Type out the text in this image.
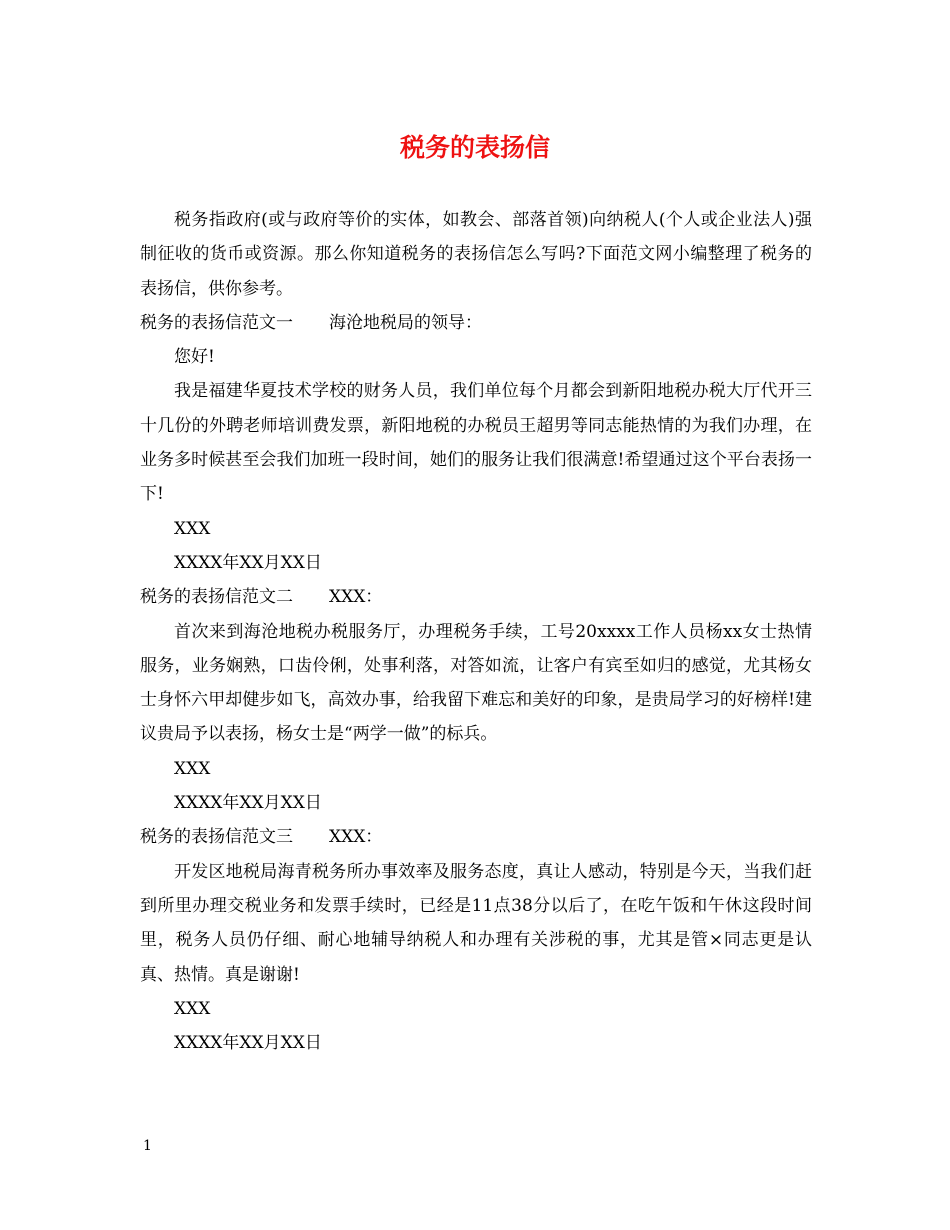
税务的表扬信

税务指政府(或与政府等价的实体，如教会、部落首领)向纳税人(个人或企业法人)强制征收的货币或资源。那么你知道税务的表扬信怎么写吗?下面范文网小编整理了税务的表扬信，供你参考。

税务的表扬信范文一 海沧地税局的领导：

您好!

我是福建华夏技术学校的财务人员，我们单位每个月都会到新阳地税办税大厅代开三十几份的外聘老师培训费发票，新阳地税的办税员王超男等同志能热情的为我们办理，在业务多时候甚至会我们加班一段时间，她们的服务让我们很满意!希望通过这个平台表扬一下!

XXX

XXXX年XX月XX日

税务的表扬信范文二 XXX：

首次来到海沧地税办税服务厅，办理税务手续，工号20xxxx工作人员杨xx女士热情服务，业务娴熟，口齿伶俐，处事利落，对答如流，让客户有宾至如归的感觉，尤其杨女士身怀六甲却健步如飞，高效办事，给我留下难忘和美好的印象，是贵局学习的好榜样!建议贵局予以表扬，杨女士是“两学一做”的标兵。

XXX

XXXX年XX月XX日

税务的表扬信范文三 XXX：

开发区地税局海青税务所办事效率及服务态度，真让人感动，特别是今天，当我们赶到所里办理交税业务和发票手续时，已经是11点38分以后了，在吃午饭和午休这段时间里，税务人员仍仔细、耐心地辅导纳税人和办理有关涉税的事，尤其是管×同志更是认真、热情。真是谢谢!

XXX

XXXX年XX月XX日

1
